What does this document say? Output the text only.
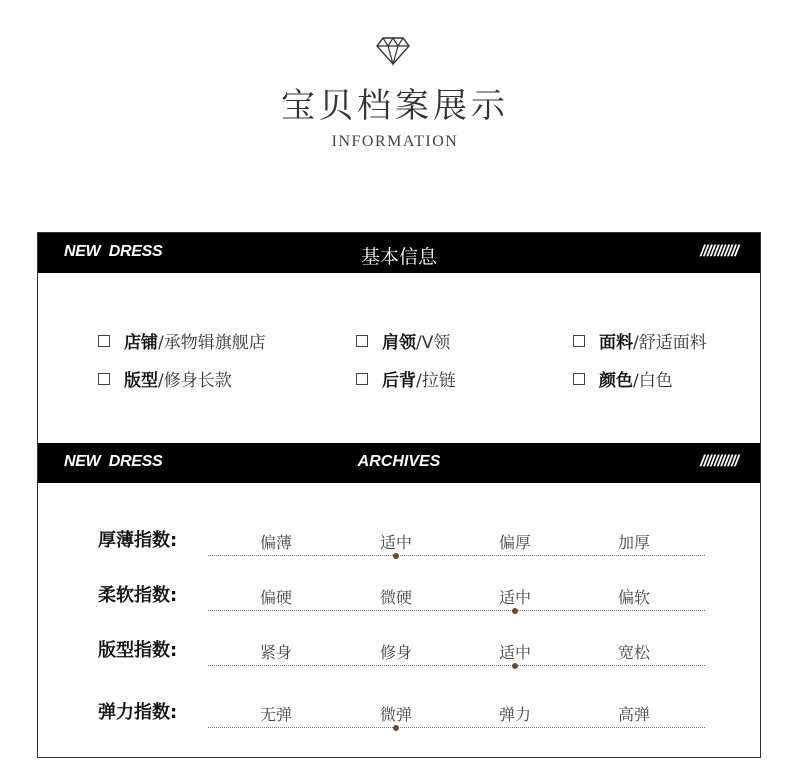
宝贝档案展示
INFORMATION
NEW  DRESS	基本信息	///////////
店铺/承物辑旗舰店	肩领/V领	面料/舒适面料
版型/修身长款	后背/拉链	颜色/白色
NEW  DRESS	ARCHIVES	///////////
厚薄指数:	偏薄	适中	偏厚	加厚
柔软指数:	偏硬	微硬	适中	偏软
版型指数:	紧身	修身	适中	宽松
弹力指数:	无弹	微弹	弹力	高弹
